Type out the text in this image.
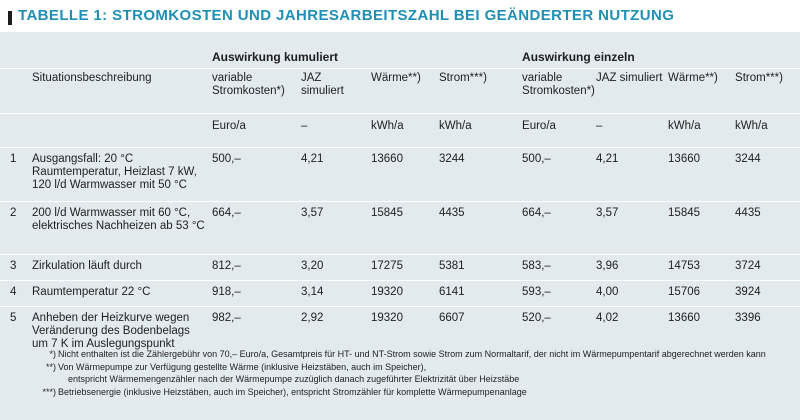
TABELLE 1: STROMKOSTEN UND JAHRESARBEITSZAHL BEI GEÄNDERTER NUTZUNG
		Auswirkung kumuliert				Auswirkung einzeln			
	Situationsbeschreibung	variable Stromkosten*)	JAZ simuliert	Wärme**)	Strom***)	variable Stromkosten*)	JAZ simuliert	Wärme**)	Strom***)
		Euro/a	–	kWh/a	kWh/a	Euro/a	–	kWh/a	kWh/a
1	Ausgangsfall: 20 °C Raumtemperatur, Heizlast 7 kW, 120 l/d Warmwasser mit 50 °C	500,–	4,21	13660	3244	500,–	4,21	13660	3244
2	200 l/d Warmwasser mit 60 °C, elektrisches Nachheizen ab 53 °C	664,–	3,57	15845	4435	664,–	3,57	15845	4435
3	Zirkulation läuft durch	812,–	3,20	17275	5381	583,–	3,96	14753	3724
4	Raumtemperatur 22 °C	918,–	3,14	19320	6141	593,–	4,00	15706	3924
5	Anheben der Heizkurve wegen Veränderung des Bodenbelags um 7 K im Auslegungspunkt	982,–	2,92	19320	6607	520,–	4,02	13660	3396
*) Nicht enthalten ist die Zählergebühr von 70,– Euro/a, Gesamtpreis für HT- und NT-Strom sowie Strom zum Normaltarif, der nicht im Wärmepumpentarif abgerechnet werden kann
**) Von Wärmepumpe zur Verfügung gestellte Wärme (inklusive Heizstäben, auch im Speicher),
entspricht Wärmemengenzähler nach der Wärmepumpe zuzüglich danach zugeführter Elektrizität über Heizstäbe
***) Betriebsenergie (inklusive Heizstäben, auch im Speicher), entspricht Stromzähler für komplette Wärmepumpenanlage
